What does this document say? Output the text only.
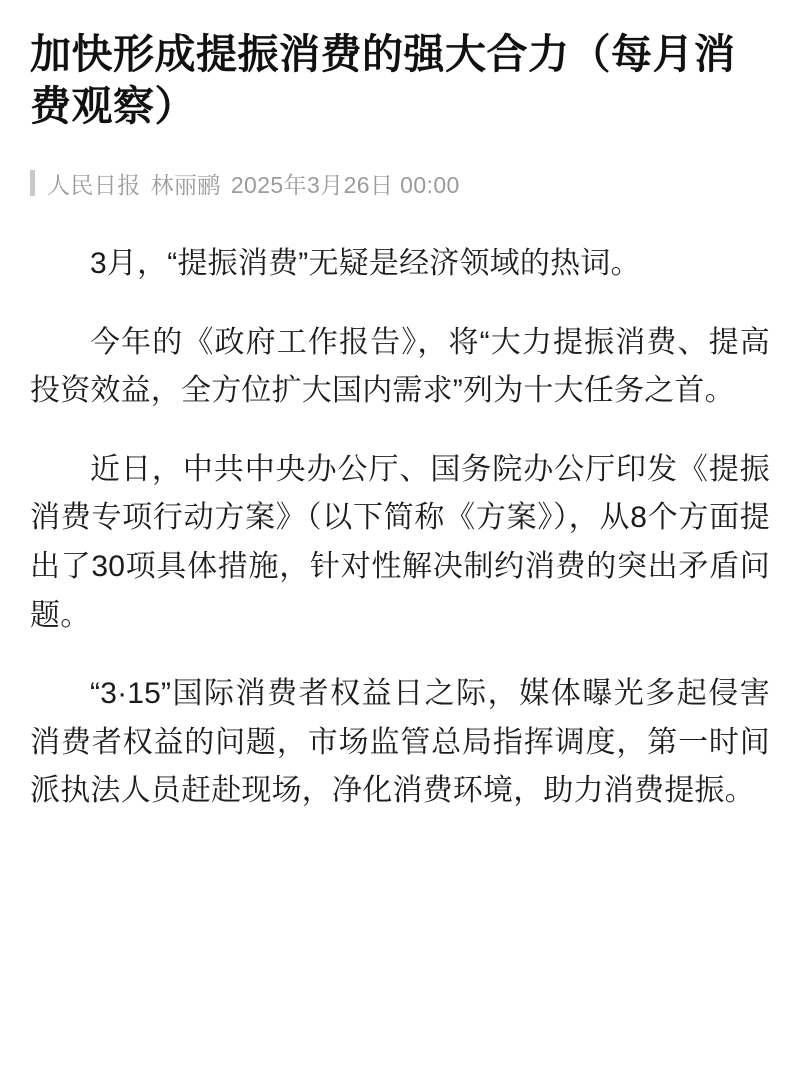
加快形成提振消费的强大合力（每月消费观察）
人民日报 林丽鹂 2025年3月26日 00:00

3月，“提振消费”无疑是经济领域的热词。

今年的《政府工作报告》，将“大力提振消费、提高投资效益，全方位扩大国内需求”列为十大任务之首。

近日，中共中央办公厅、国务院办公厅印发《提振消费专项行动方案》（以下简称《方案》），从8个方面提出了30项具体措施，针对性解决制约消费的突出矛盾问题。

“3·15”国际消费者权益日之际，媒体曝光多起侵害消费者权益的问题，市场监管总局指挥调度，第一时间派执法人员赶赴现场，净化消费环境，助力消费提振。
